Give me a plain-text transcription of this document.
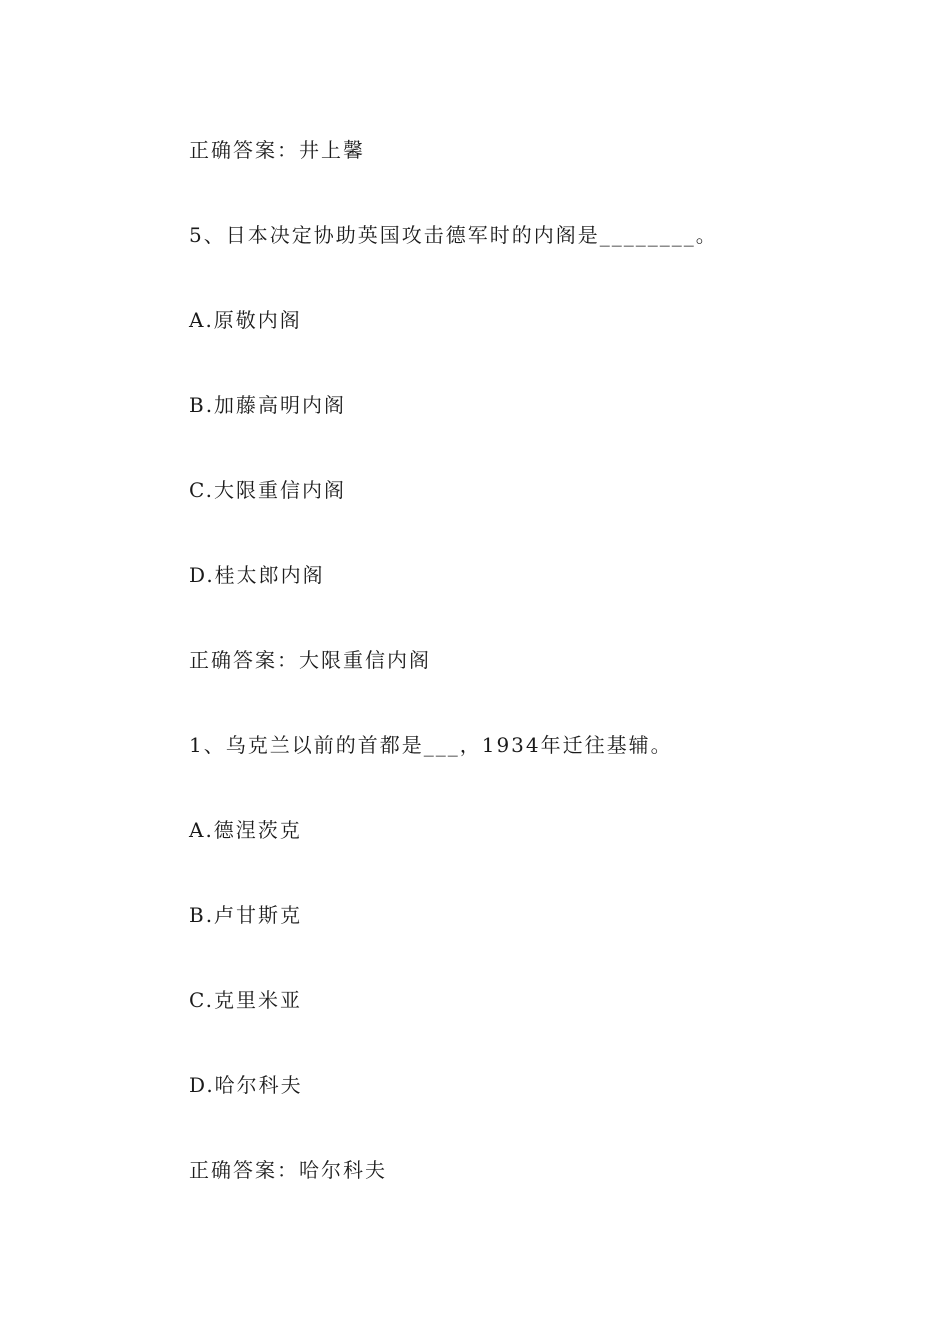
正确答案：井上馨
5、日本决定协助英国攻击德军时的内阁是________。
A.原敬内阁
B.加藤高明内阁
C.大限重信内阁
D.桂太郎内阁
正确答案：大限重信内阁
1、乌克兰以前的首都是___，1934年迁往基辅。
A.德涅茨克
B.卢甘斯克
C.克里米亚
D.哈尔科夫
正确答案：哈尔科夫
